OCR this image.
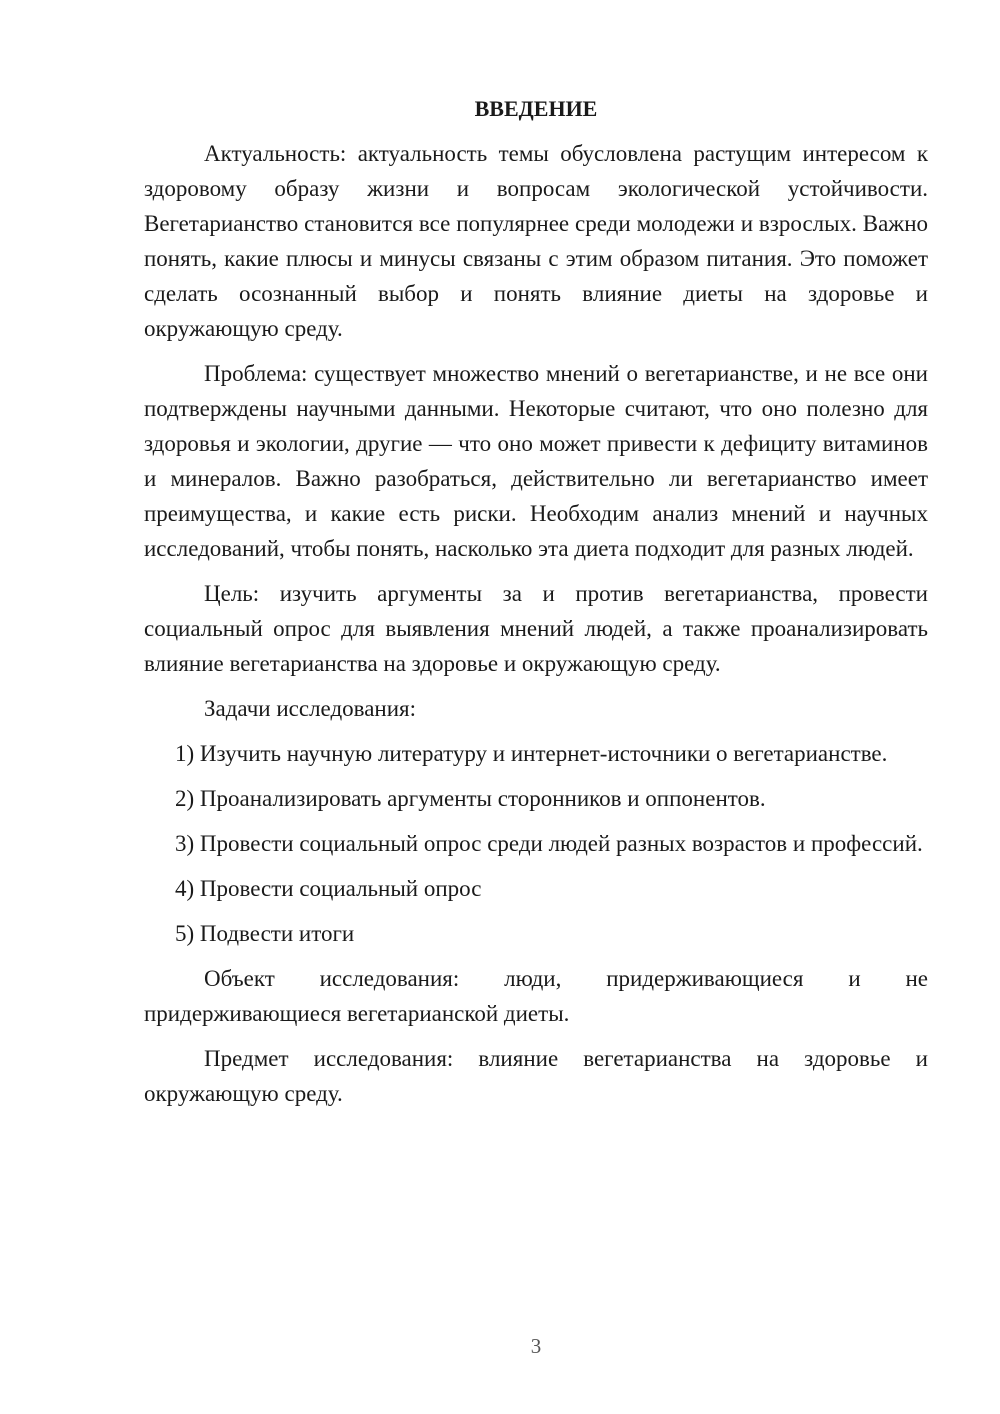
ВВЕДЕНИЕ

Актуальность: актуальность темы обусловлена растущим интересом к здоровому образу жизни и вопросам экологической устойчивости. Вегетарианство становится все популярнее среди молодежи и взрослых. Важно понять, какие плюсы и минусы связаны с этим образом питания. Это поможет сделать осознанный выбор и понять влияние диеты на здоровье и окружающую среду.

Проблема: существует множество мнений о вегетарианстве, и не все они подтверждены научными данными. Некоторые считают, что оно полезно для здоровья и экологии, другие — что оно может привести к дефициту витаминов и минералов. Важно разобраться, действительно ли вегетарианство имеет преимущества, и какие есть риски. Необходим анализ мнений и научных исследований, чтобы понять, насколько эта диета подходит для разных людей.

Цель: изучить аргументы за и против вегетарианства, провести социальный опрос для выявления мнений людей, а также проанализировать влияние вегетарианства на здоровье и окружающую среду.

Задачи исследования:

1) Изучить научную литературу и интернет-источники о вегетарианстве.

2) Проанализировать аргументы сторонников и оппонентов.

3) Провести социальный опрос среди людей разных возрастов и профессий.

4) Провести социальный опрос

5) Подвести итоги

Объект исследования: люди, придерживающиеся и не придерживающиеся вегетарианской диеты.

Предмет исследования: влияние вегетарианства на здоровье и окружающую среду.

3
